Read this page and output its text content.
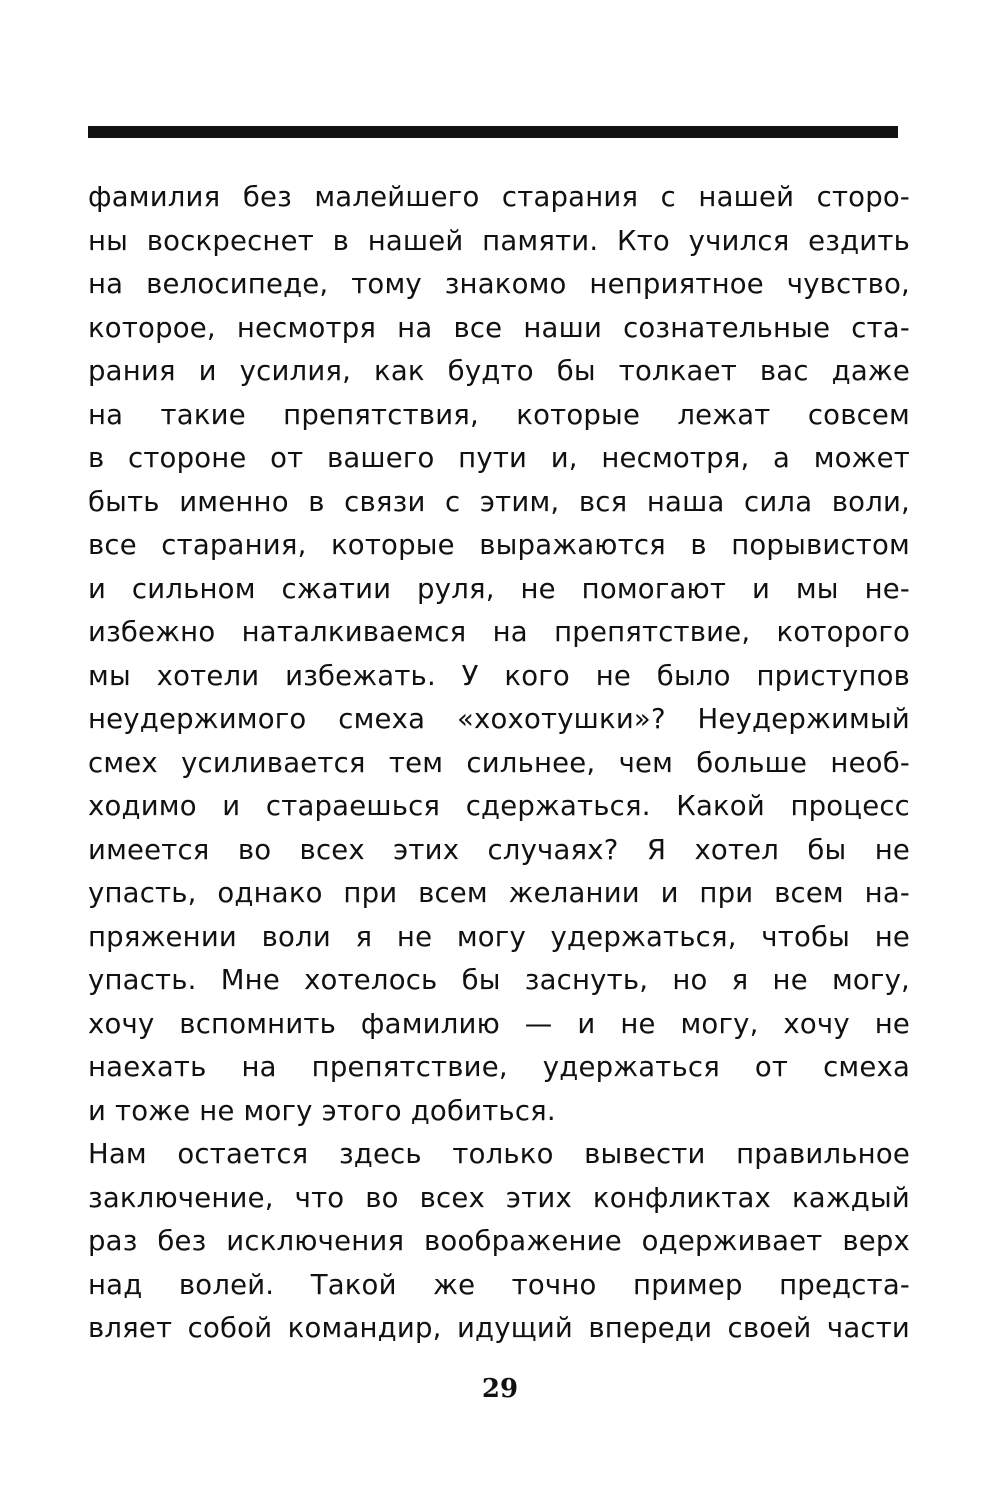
фамилия без малейшего старания с нашей сторо-
ны воскреснет в нашей памяти. Кто учился ездить
на велосипеде, тому знакомо неприятное чувство,
которое, несмотря на все наши сознательные ста-
рания и усилия, как будто бы толкает вас даже
на такие препятствия, которые лежат совсем
в стороне от вашего пути и, несмотря, а может
быть именно в связи с этим, вся наша сила воли,
все старания, которые выражаются в порывистом
и сильном сжатии руля, не помогают и мы не-
избежно наталкиваемся на препятствие, которого
мы хотели избежать. У кого не было приступов
неудержимого смеха «хохотушки»? Неудержимый
смех усиливается тем сильнее, чем больше необ-
ходимо и стараешься сдержаться. Какой процесс
имеется во всех этих случаях? Я хотел бы не
упасть, однако при всем желании и при всем на-
пряжении воли я не могу удержаться, чтобы не
упасть. Мне хотелось бы заснуть, но я не могу,
хочу вспомнить фамилию — и не могу, хочу не
наехать на препятствие, удержаться от смеха
и тоже не могу этого добиться.
Нам остается здесь только вывести правильное
заключение, что во всех этих конфликтах каждый
раз без исключения воображение одерживает верх
над волей. Такой же точно пример предста-
вляет собой командир, идущий впереди своей части
29
